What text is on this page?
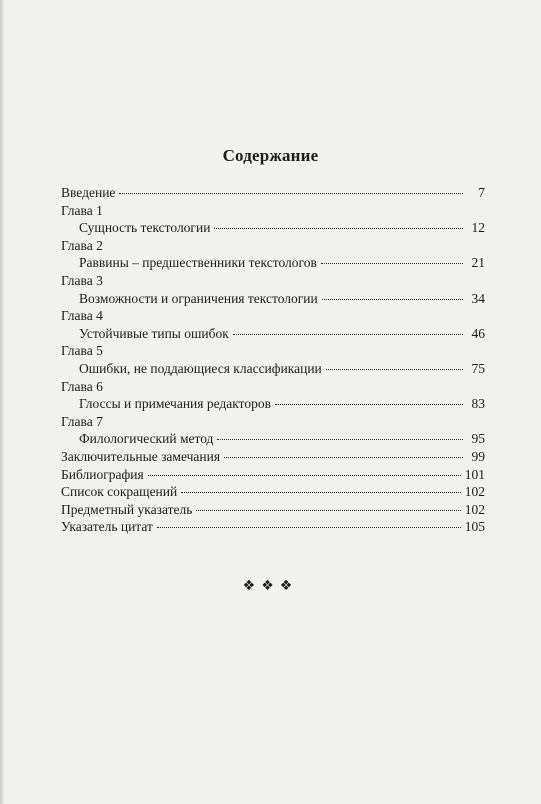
Содержание
Введение	7
Глава 1
Сущность текстологии	12
Глава 2
Раввины – предшественники текстологов	21
Глава 3
Возможности и ограничения текстологии	34
Глава 4
Устойчивые типы ошибок	46
Глава 5
Ошибки, не поддающиеся классификации	75
Глава 6
Глоссы и примечания редакторов	83
Глава 7
Филологический метод	95
Заключительные замечания	99
Библиография	101
Список сокращений	102
Предметный указатель	102
Указатель цитат	105
❖❖❖
